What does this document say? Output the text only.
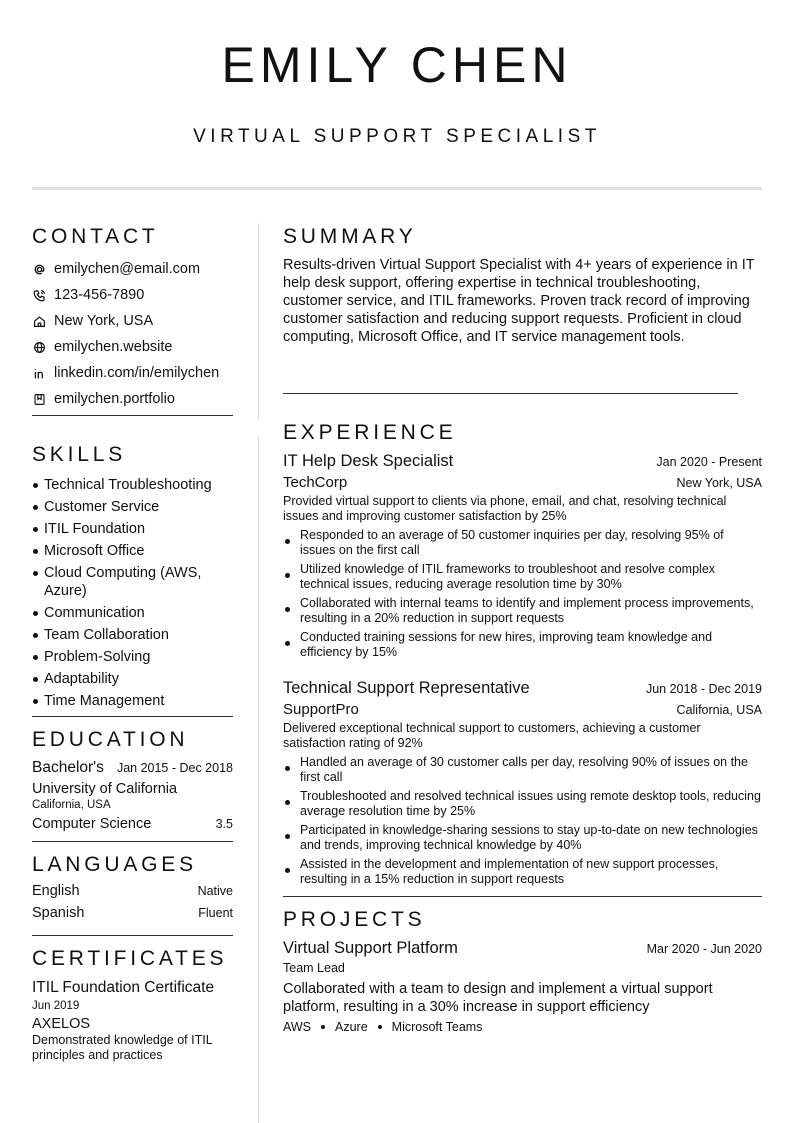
EMILY CHEN
VIRTUAL SUPPORT SPECIALIST
CONTACT
emilychen@email.com
123-456-7890
New York, USA
emilychen.website
linkedin.com/in/emilychen
emilychen.portfolio
SKILLS
Technical Troubleshooting
Customer Service
ITIL Foundation
Microsoft Office
Cloud Computing (AWS, Azure)
Communication
Team Collaboration
Problem-Solving
Adaptability
Time Management
EDUCATION
Bachelor's Jan 2015 - Dec 2018
University of California
California, USA
Computer Science	3.5
LANGUAGES
English	Native
Spanish	Fluent
CERTIFICATES
ITIL Foundation Certificate
Jun 2019
AXELOS
Demonstrated knowledge of ITIL principles and practices
SUMMARY
Results-driven Virtual Support Specialist with 4+ years of experience in IT help desk support, offering expertise in technical troubleshooting, customer service, and ITIL frameworks. Proven track record of improving customer satisfaction and reducing support requests. Proficient in cloud computing, Microsoft Office, and IT service management tools.
EXPERIENCE
IT Help Desk Specialist	Jan 2020 - Present
TechCorp	New York, USA
Provided virtual support to clients via phone, email, and chat, resolving technical issues and improving customer satisfaction by 25%
Responded to an average of 50 customer inquiries per day, resolving 95% of issues on the first call
Utilized knowledge of ITIL frameworks to troubleshoot and resolve complex technical issues, reducing average resolution time by 30%
Collaborated with internal teams to identify and implement process improvements, resulting in a 20% reduction in support requests
Conducted training sessions for new hires, improving team knowledge and efficiency by 15%
Technical Support Representative	Jun 2018 - Dec 2019
SupportPro	California, USA
Delivered exceptional technical support to customers, achieving a customer satisfaction rating of 92%
Handled an average of 30 customer calls per day, resolving 90% of issues on the first call
Troubleshooted and resolved technical issues using remote desktop tools, reducing average resolution time by 25%
Participated in knowledge-sharing sessions to stay up-to-date on new technologies and trends, improving technical knowledge by 40%
Assisted in the development and implementation of new support processes, resulting in a 15% reduction in support requests
PROJECTS
Virtual Support Platform	Mar 2020 - Jun 2020
Team Lead
Collaborated with a team to design and implement a virtual support platform, resulting in a 30% increase in support efficiency
AWS Azure Microsoft Teams
